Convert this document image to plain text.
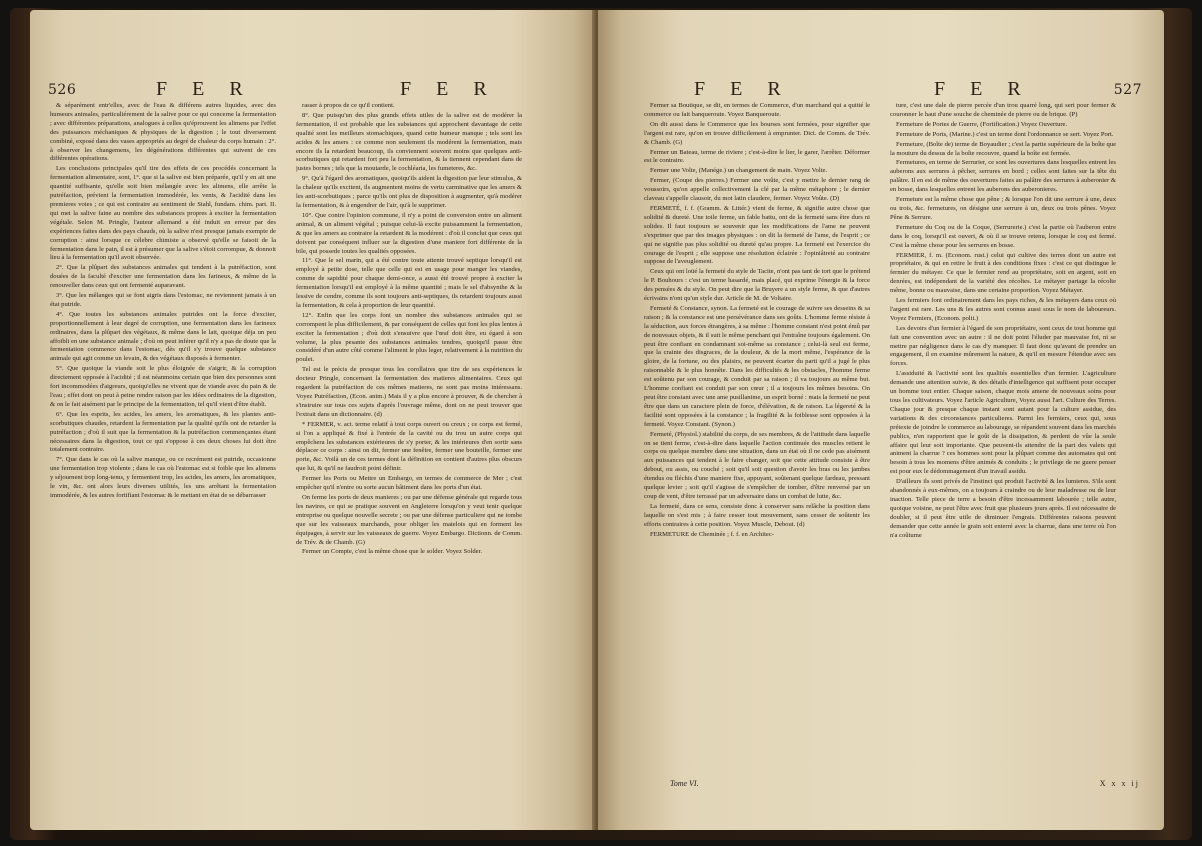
526	F E R	F E R

& séparément entr'elles, avec de l'eau & différens autres liquides, avec des humeurs animales, particuliérement de la salive pour ce qui concerne la fermentation ; avec différentes préparations, analogues à celles qu'éprouvent les alimens par l'effet des puissances méchaniques & physiques de la digestion ; le tout diversement combiné, exposé dans des vases appropriés au degré de chaleur du corps humain : 2°. à observer les changemens, les dégénérations différentes qui suivent de ces différentes opérations.

Les conclusions principales qu'il tire des effets de ces procédés concernant la fermentation alimentaire, sont, 1°. que si la salive est bien préparée, qu'il y en ait une quantité suffisante, qu'elle soit bien mélangée avec les alimens, elle arrête la putréfaction, prévient la fermentation immodérée, les vents, & l'acidité dans les premieres voies ; ce qui est contraire au sentiment de Stahl, fundam. chim. part. II. qui met la salive faine au nombre des substances propres à exciter la fermentation végétale. Selon M. Pringle, l'auteur allemand a été induit en erreur par des expériences faites dans des pays chauds, où la salive n'est presque jamais exempte de corruption : ainsi lorsque ce célebre chimiste a observé qu'elle se faisoit de la fermentation dans le pain, il est à présumer que la salive s'étoit corrompue, & donnoit lieu à la fermentation qu'il avoit observée.

2°. Que la plûpart des substances animales qui tendent à la putréfaction, sont douées de la faculté d'exciter une fermentation dans les farineux, & même de la renouveller dans ceux qui ont fermenté auparavant.

3°. Que les mêlanges qui se font aigris dans l'estomac, ne reviennent jamais à un état putride.

4°. Que toutes les substances animales putrides ont la force d'exciter, proportionnellement à leur degré de corruption, une fermentation dans les farineux ordinaires, dans la plûpart des végétaux, & même dans le lait, quoique déja un peu affoibli en une substance animale ; d'où on peut inférer qu'il n'y a pas de doute que la fermentation commence dans l'estomac, dès qu'il s'y trouve quelque substance animale qui agit comme un levain, & des végétaux disposés à fermenter.

5°. Que quoique la viande soit le plus éloignée de s'aigrir, & la corruption directement opposée à l'acidité ; il est néanmoins certain que bien des personnes sont fort incommodées d'aigreurs, quoiqu'elles ne vivent que de viande avec du pain & de l'eau ; effet dont on peut à peine rendre raison par les idées ordinaires de la digestion, & on le fait aisément par le principe de la fermentation, tel qu'il vient d'être établi.

6°. Que les esprits, les acides, les amers, les aromatiques, & les plantes anti-scorbutiques chaudes, retardent la fermentation par la qualité qu'ils ont de retarder la putréfaction ; d'où il suit que la fermentation & la putréfaction commençantes étant nécessaires dans la digestion, tout ce qui s'oppose à ces deux choses lui doit être totalement contraire.

7°. Que dans le cas où la salive manque, ou ce recrément est putride, occasionne une fermentation trop violente ; dans le cas où l'estomac est si foible que les alimens y séjournent trop long-tems, y fermentent trop, les acides, les amers, les aromatiques, le vin, &c. ont alors leurs diverses utilités, les uns arrêtant la fermentation immodérée, & les autres fortifiant l'estomac & le mettant en état de se débarrasser

rasser à propos de ce qu'il contient.

8°. Que puisqu'un des plus grands effets utiles de la salive est de modérer la fermentation, il est probable que les substances qui approchent davantage de cette qualité sont les meilleurs stomachiques, quand cette humeur manque ; tels sont les acides & les amers : ce comme non seulement ils modérent la fermentation, mais encore ils la retardent beaucoup, ils conviennent souvent moins que quelques anti-scorbutiques qui retardent fort peu la fermentation, & la tiennent cependant dans de justes bornes ; tels que la moutarde, le cochléaria, les fumeteres, &c.

9°. Qu'à l'égard des aromatiques, quoiqu'ils aident la digestion par leur stimulus, & la chaleur qu'ils excitent, ils augmentent moins de vertu carminative que les amers & les anti-scorbutiques ; parce qu'ils ont plus de disposition à augmenter, qu'à modérer la fermentation, & à engendrer de l'air, qu'à le supprimer.

10°. Que contre l'opinion commune, il n'y a point de conversion entre un aliment animal, & un aliment végétal ; puisque celui-là excite puissamment la fermentation, & que les amers au contraire la retardent & la modérent : d'où il conclut que ceux qui doivent par conséquent influer sur la digestion d'une maniere fort différente de la bile, qui possede toutes les qualités opposées.

11°. Que le sel marin, qui a été contre toute attente trouvé septique lorsqu'il est employé à petite dose, telle que celle qui est en usage pour manger les viandes, comme de sapidité pour chaque demi-once, a aussi été trouvé propre à exciter la fermentation lorsqu'il est employé à la même quantité ; mais le sel d'absynthe & la lessive de cendre, comme ils sont toujours anti-septiques, ils retardent toujours aussi la fermentation, & cela à proportion de leur quantité.

12°. Enfin que les corps font un nombre des substances animales qui se corrompent le plus difficilement, & par conséquent de celles qui font les plus lentes à exciter la fermentation ; d'où doit s'ensuivre que l'œuf doit être, eu égard à son volume, la plus pesante des substances animales tendres, quoiqu'il passe être considéré d'un autre côté comme l'aliment le plus leger, relativement à la nutrition du poulet.

Tel est le précis de presque tous les corollaires que tire de ses expériences le docteur Pringle, concernant la fermentation des matieres alimentaires. Ceux qui regardent la putréfaction de ces mêmes matieres, ne sont pas moins intéressans. Voyez Putréfaction, (Econ. anim.) Mais il y a plus encore à prouver, & de chercher à s'instruire sur tous ces sujets d'après l'ouvrage même, dont on ne peut trouver que l'extrait dans un dictionnaire. (d)

* FERMER, v. act. terme relatif à tout corps ouvert ou creux ; ce corps est fermé, si l'on a appliqué & fixé à l'entrée de la cavité ou du trou un autre corps qui empêchera les substances extérieures de s'y porter, & les intérieures d'en sortir sans déplacer ce corps : ainsi on dit, fermer une fenêtre, fermer une bouteille, fermer une porte, &c. Voilà un de ces termes dont la définition en contient d'autres plus obscurs que lui, & qu'il ne faudroit point définir.

Fermer les Ports ou Mettre un Embargo, en termes de commerce de Mer ; c'est empêcher qu'il n'entre ou sorte aucun bâtiment dans les ports d'un état.

On ferme les ports de deux manieres ; ou par une défense générale qui regarde tous les navires, ce qui se pratique souvent en Angleterre lorsqu'on y veut tenir quelque entreprise ou quelque nouvelle secrete ; ou par une défense particuliere qui ne tombe que sur les vaisseaux marchands, pour obliger les matelots qui en forment les équipages, à servir sur les vaisseaux de guerre. Voyez Embargo. Dictionn. de Comm. de Trév. & de Chamb. (G)

Fermer un Compte, c'est la même chose que le solder. Voyez Solder.

F E R	F E R	527

Fermer sa Boutique, se dit, en termes de Commerce, d'un marchand qui a quitté le commerce ou fait banqueroute. Voyez Banqueroute.

On dit aussi dans le Commerce que les bourses sont fermées, pour signifier que l'argent est rare, qu'on en trouve difficilement à emprunter. Dict. de Comm. de Trév. & Chamb. (G)

Fermer un Bateau, terme de riviere ; c'est-à-dire le lier, le garer, l'arrêter. Déformer est le contraire.

Fermer une Volte, (Manége.) un changement de main. Voyez Volte.

Fermer, (Coupe des pierres.) Fermer une voûte, c'est y mettre le dernier rang de voussoirs, qu'on appelle collectivement la clé par la même métaphore ; le dernier claveau s'appelle clausoir, du mot latin claudere, fermer. Voyez Voûte. (D)

FERMETÉ, f. f. (Gramm. & Littér.) vient de ferme, & signifie autre chose que solidité & dureté. Une toile ferme, un fable battu, ont de la fermeté sans être durs ni solides. Il faut toujours se souvenir que les modifications de l'ame ne peuvent s'exprimer que par des images physiques : on dit la fermeté de l'ame, de l'esprit ; ce qui ne signifie pas plus solidité ou dureté qu'au propre. La fermeté est l'exercice du courage de l'esprit ; elle suppose une résolution éclairée : l'opiniâtreté au contraire suppose de l'aveuglement.

Ceux qui ont loüé la fermeté du style de Tacite, n'ont pas tant de tort que le prétend le P. Bouhours : c'est un terme hasardé, mais placé, qui exprime l'énergie & la force des pensées & du style. On peut dire que la Bruyere a un style ferme, & que d'autres écrivains n'ont qu'un style dur. Article de M. de Voltaire.

Fermeté & Constance, synon. La fermeté est le courage de suivre ses desseins & sa raison ; & la constance est une persévérance dans ses goûts. L'homme ferme résiste à la séduction, aux forces étrangères, à sa même : l'homme constant n'est point émû par de nouveaux objets, & il suit le même penchant qui l'entraîne toujours également. On peut être confiant en condamnant soi-même sa constance ; celui-là seul est ferme, que la crainte des disgraces, de la douleur, & de la mort même, l'espérance de la gloire, de la fortune, ou des plaisirs, ne peuvent écarter du parti qu'il a jugé le plus raisonnable & le plus honnête. Dans les difficultés & les obstacles, l'homme ferme est soûtenu par son courage, & conduit par sa raison ; il va toujours au même but. L'homme confiant est conduit par son cœur ; il a toujours les mêmes besoins. On peut être constant avec une ame pusillanime, un esprit borné : mais la fermeté ne peut être que dans un caractere plein de force, d'élévation, & de raison. La légereté & la facilité sont opposées à la constance ; la fragilité & la foiblesse sont opposées à la fermeté. Voyez Constant. (Synon.)

Fermeté, (Physiol.) stabilité du corps, de ses membres, & de l'attitude dans laquelle on se tient ferme, c'est-à-dire dans laquelle l'action continuée des muscles retient le corps ou quelque membre dans une situation, dans un état où il ne cede pas aisément aux puissances qui tendent à le faire changer, soit que cette attitude consiste à être debout, ou assis, ou couché ; soit qu'il soit question d'avoir les bras ou les jambes étendus ou fléchis d'une maniere fixe, appuyant, soûtenant quelque fardeau, pressant quelque levier ; soit qu'il s'agisse de s'empêcher de tomber, d'être renversé par un coup de vent, d'être terrassé par un adversaire dans un combat de lutte, &c.

La fermeté, dans ce sens, consiste donc à conserver sans relâche la position dans laquelle on s'est mis ; à faire cesser tout mouvement, sans cesser de soûtenir les efforts contraires à cette position. Voyez Muscle, Debout. (d)

FERMETURE de Cheminée ; f. f. en Architec-

ture, c'est une dale de pierre percée d'un trou quarré long, qui sert pour fermer & couronner le haut d'une souche de cheminée de pierre ou de brique. (P)

Fermeture de Portes de Guerre, (Fortification.) Voyez Ouverture.

Fermeture de Ports, (Marine.) c'est un terme dont l'ordonnance se sert. Voyez Port.

Fermeture, (Boîte de) terme de Boyaudier ; c'est la partie supérieure de la boîte que la mouture du dessus de la boîte recouvre, quand la boîte est fermée.

Fermetures, en terme de Serrurier, ce sont les ouvertures dans lesquelles entrent les auberons aux serrures à pêcher, serrures en bord ; celles sont faites sur la tête du palâtre. Il en est de même des ouvertures faites au palâtre des serrures à auberonier & en bosse, dans lesquelles entrent les auberons des auberonieres.

Fermeture est la même chose que pêne ; & lorsque l'on dit une serrure à une, deux ou trois, &c. fermetures, on désigne une serrure à un, deux ou trois pênes. Voyez Pêne & Serrure.

Fermeture du Coq ou de la Coque, (Serrurerie.) c'est la partie où l'auberon entre dans le coq, lorsqu'il est ouvert, & où il se trouve retenu, lorsque le coq est fermé. C'est la même chose pour les serrures en bosse.

FERMIER, f. m. (Econom. rust.) celui qui cultive des terres dont un autre est propriétaire, & qui en retire le fruit à des conditions fixes : c'est ce qui distingue le fermier du métayer. Ce que le fermier rend au propriétaire, soit en argent, soit en denrées, est indépendant de la variété des récoltes. Le métayer partage la récolte même, bonne ou mauvaise, dans une certaine proportion. Voyez Métayer.

Les fermiers font ordinairement dans les pays riches, & les métayers dans ceux où l'argent est rare. Les uns & les autres sont connus aussi sous le nom de laboureurs. Voyez Fermiers, (Econom. polit.)

Les devoirs d'un fermier à l'égard de son propriétaire, sont ceux de tout homme qui fait une convention avec un autre : il ne doit point l'éluder par mauvaise foi, ni se mettre par négligence dans le cas d'y manquer. Il faut donc qu'avant de prendre un engagement, il en examine mûrement la nature, & qu'il en mesure l'étendue avec ses forces.

L'assiduité & l'activité sont les qualités essentielles d'un fermier. L'agriculture demande une attention suivie, & des détails d'intelligence qui suffisent pour occuper un homme tout entier. Chaque saison, chaque mois amene de nouveaux soins pour tous les cultivateurs. Voyez l'article Agriculture, Voyez aussi l'art. Culture des Terres. Chaque jour & presque chaque instant sont autant pour la culture assidue, des variations & des circonstances particulieres. Parmi les fermiers, ceux qui, sous prétexte de joindre le commerce au labourage, se répandent souvent dans les marchés publics, n'en rapportent que le goût de la dissipation, & perdent de vûe la seule affaire qui leur soit importante. Que peuvent-ils attendre de la part des valets qui animent la charrue ? ces hommes sont pour la plûpart comme des automates qui ont besoin à tous les momens d'être animés & conduits ; le privilege de ne guere penser est pour eux le dédommagement d'un travail assidu.

D'ailleurs ils sont privés de l'instinct qui produit l'activité & les lumieres. S'ils sont abandonnés à eux-mêmes, on a toujours à craindre ou de leur maladresse ou de leur inaction. Telle piece de terre a besoin d'être incessamment labourée ; telle autre, quoique voisine, ne peut l'être avec fruit que plusieurs jours après. Il est nécessaire de doubler, si il peut être utile de diminuer l'engrais. Différentes raisons peuvent demander que cette année le grain soit enterré avec la charrue, dans une terre où l'on n'a coûtume

Tome VI.	X x x ij
